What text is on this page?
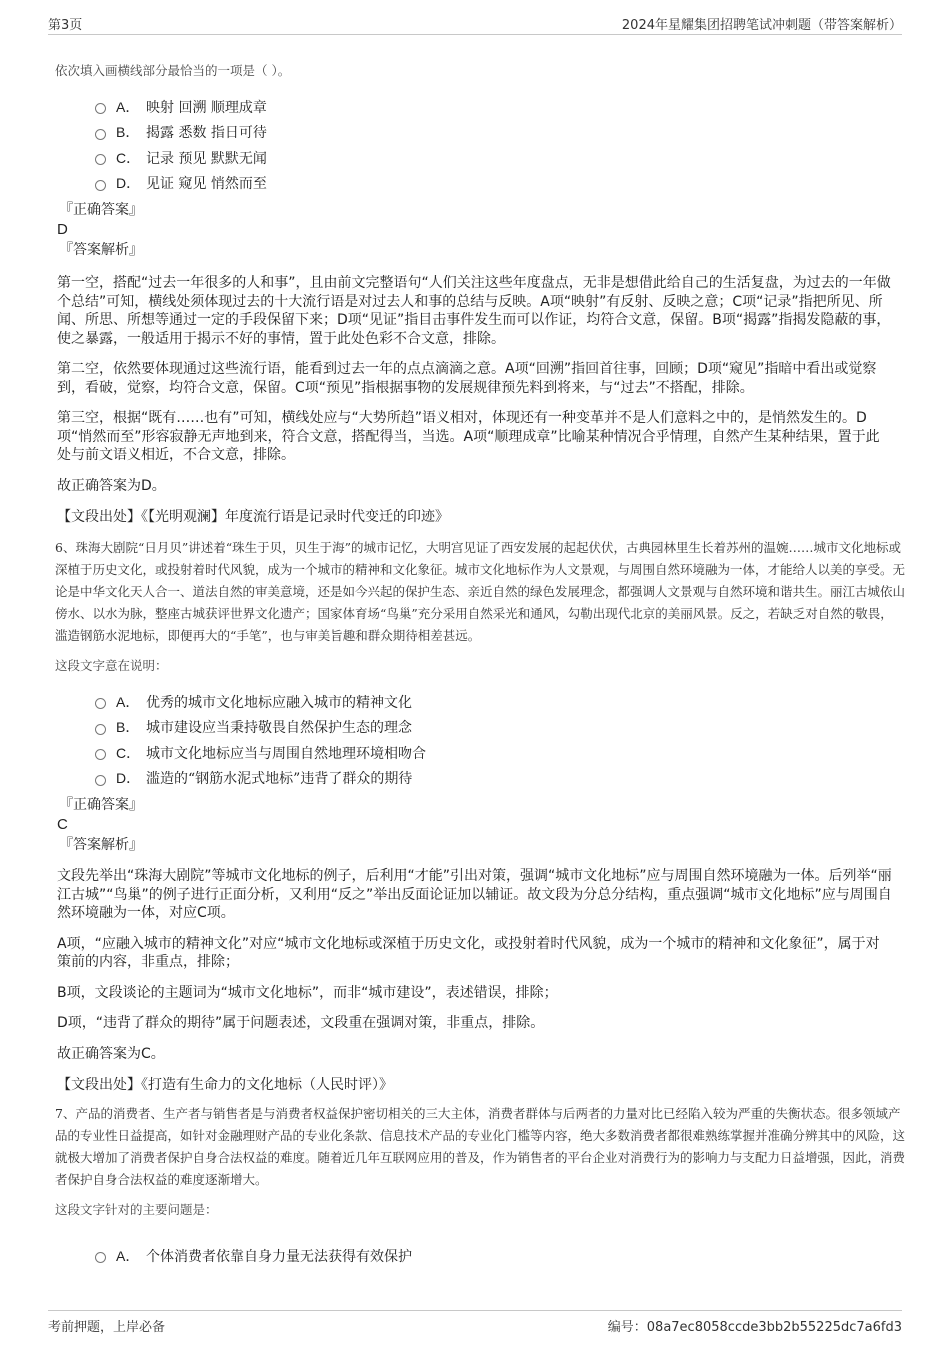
第3页	2024年星耀集团招聘笔试冲刺题（带答案解析）

依次填入画横线部分最恰当的一项是（ ）。

A． 映射 回溯 顺理成章
B． 揭露 悉数 指日可待
C． 记录 预见 默默无闻
D． 见证 窥见 悄然而至

『正确答案』

D

『答案解析』

第一空，搭配“过去一年很多的人和事”，且由前文完整语句“人们关注这些年度盘点，无非是想借此给自己的生活复盘，为过去的一年做个总结”可知，横线处须体现过去的十大流行语是对过去人和事的总结与反映。A项“映射”有反射、反映之意；C项“记录”指把所见、所闻、所思、所想等通过一定的手段保留下来；D项“见证”指目击事件发生而可以作证，均符合文意，保留。B项“揭露”指揭发隐蔽的事，使之暴露，一般适用于揭示不好的事情，置于此处色彩不合文意，排除。

第二空，依然要体现通过这些流行语，能看到过去一年的点点滴滴之意。A项“回溯”指回首往事，回顾；D项“窥见”指暗中看出或觉察到，看破，觉察，均符合文意，保留。C项“预见”指根据事物的发展规律预先料到将来，与“过去”不搭配，排除。

第三空，根据“既有……也有”可知，横线处应与“大势所趋”语义相对，体现还有一种变革并不是人们意料之中的，是悄然发生的。D项“悄然而至”形容寂静无声地到来，符合文意，搭配得当，当选。A项“顺理成章”比喻某种情况合乎情理，自然产生某种结果，置于此处与前文语义相近，不合文意，排除。

故正确答案为D。

【文段出处】《【光明观澜】年度流行语是记录时代变迁的印迹》

6、珠海大剧院“日月贝”讲述着“珠生于贝，贝生于海”的城市记忆，大明宫见证了西安发展的起起伏伏，古典园林里生长着苏州的温婉……城市文化地标或深植于历史文化，或投射着时代风貌，成为一个城市的精神和文化象征。城市文化地标作为人文景观，与周围自然环境融为一体，才能给人以美的享受。无论是中华文化天人合一、道法自然的审美意境，还是如今兴起的保护生态、亲近自然的绿色发展理念，都强调人文景观与自然环境和谐共生。丽江古城依山傍水、以水为脉，整座古城获评世界文化遗产；国家体育场“鸟巢”充分采用自然采光和通风，勾勒出现代北京的美丽风景。反之，若缺乏对自然的敬畏，滥造钢筋水泥地标，即便再大的“手笔”，也与审美旨趣和群众期待相差甚远。

这段文字意在说明：

A． 优秀的城市文化地标应融入城市的精神文化
B． 城市建设应当秉持敬畏自然保护生态的理念
C． 城市文化地标应当与周围自然地理环境相吻合
D． 滥造的“钢筋水泥式地标”违背了群众的期待

『正确答案』

C

『答案解析』

文段先举出“珠海大剧院”等城市文化地标的例子，后利用“才能”引出对策，强调“城市文化地标”应与周围自然环境融为一体。后列举“丽江古城”“鸟巢”的例子进行正面分析，又利用“反之”举出反面论证加以辅证。故文段为分总分结构，重点强调“城市文化地标”应与周围自然环境融为一体，对应C项。

A项，“应融入城市的精神文化”对应“城市文化地标或深植于历史文化，或投射着时代风貌，成为一个城市的精神和文化象征”，属于对策前的内容，非重点，排除；

B项，文段谈论的主题词为“城市文化地标”，而非“城市建设”，表述错误，排除；

D项，“违背了群众的期待”属于问题表述，文段重在强调对策，非重点，排除。

故正确答案为C。

【文段出处】《打造有生命力的文化地标（人民时评）》

7、产品的消费者、生产者与销售者是与消费者权益保护密切相关的三大主体，消费者群体与后两者的力量对比已经陷入较为严重的失衡状态。很多领域产品的专业性日益提高，如针对金融理财产品的专业化条款、信息技术产品的专业化门槛等内容，绝大多数消费者都很难熟练掌握并准确分辨其中的风险，这就极大增加了消费者保护自身合法权益的难度。随着近几年互联网应用的普及，作为销售者的平台企业对消费行为的影响力与支配力日益增强，因此，消费者保护自身合法权益的难度逐渐增大。

这段文字针对的主要问题是：

A． 个体消费者依靠自身力量无法获得有效保护
考前押题，上岸必备	编号：08a7ec8058ccde3bb2b55225dc7a6fd3
